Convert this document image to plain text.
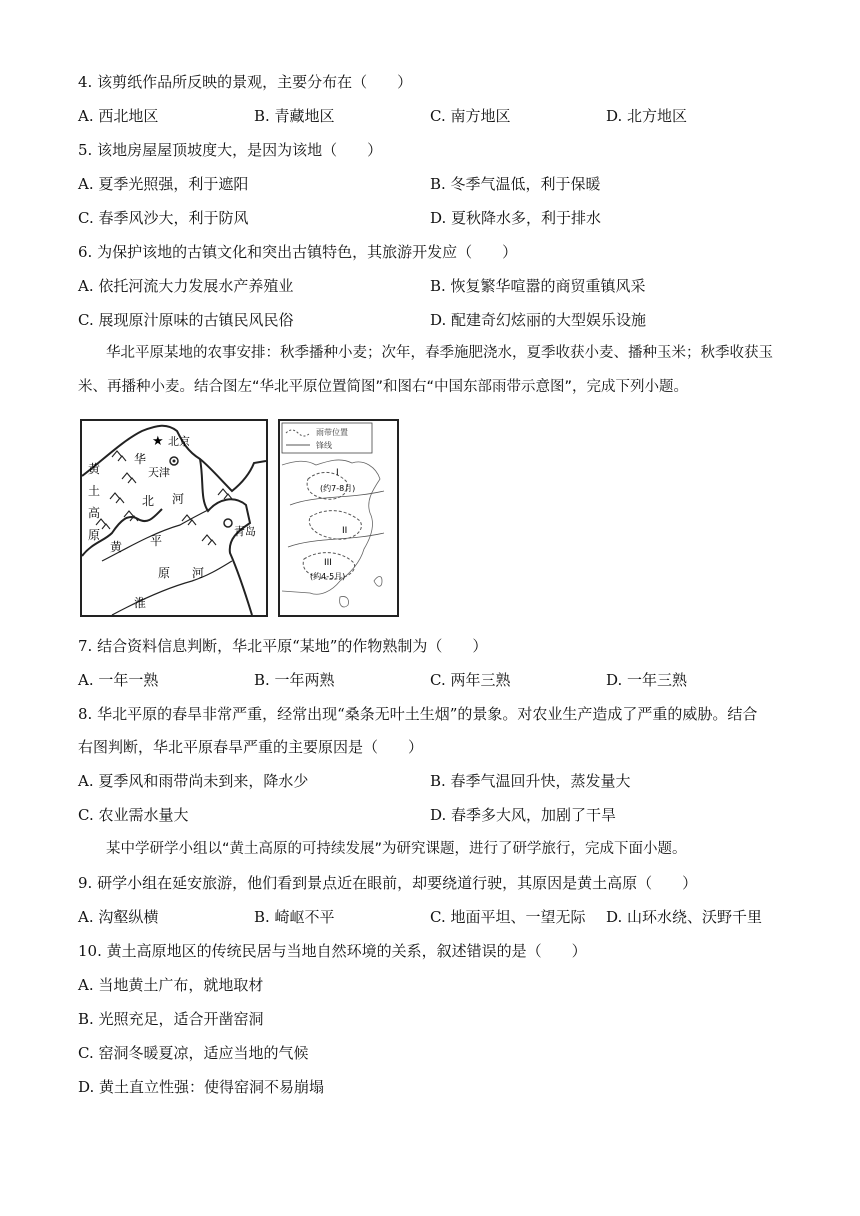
4. 该剪纸作品所反映的景观，主要分布在（　　）
A. 西北地区	B. 青藏地区	C. 南方地区	D. 北方地区
5. 该地房屋屋顶坡度大，是因为该地（　　）
A. 夏季光照强，利于遮阳	B. 冬季气温低，利于保暖
C. 春季风沙大，利于防风	D. 夏秋降水多，利于排水
6. 为保护该地的古镇文化和突出古镇特色，其旅游开发应（　　）
A. 依托河流大力发展水产养殖业	B. 恢复繁华喧嚣的商贸重镇风采
C. 展现原汁原味的古镇民风民俗	D. 配建奇幻炫丽的大型娱乐设施
华北平原某地的农事安排：秋季播种小麦；次年，春季施肥浇水，夏季收获小麦、播种玉米；秋季收获玉米、再播种小麦。结合图左“华北平原位置简图”和图右“中国东部雨带示意图”，完成下列小题。
★ 北京
天津
青岛
黄
土
高
原
华
北
平
原
河
黄
河
淮
雨带位置
锋线
I
(约7-8月)
II
III
(约4-5月)
7. 结合资料信息判断，华北平原“某地”的作物熟制为（　　）
A. 一年一熟	B. 一年两熟	C. 两年三熟	D. 一年三熟
8. 华北平原的春旱非常严重，经常出现“桑条无叶土生烟”的景象。对农业生产造成了严重的威胁。结合
右图判断，华北平原春旱严重的主要原因是（　　）
A. 夏季风和雨带尚未到来，降水少	B. 春季气温回升快，蒸发量大
C. 农业需水量大	D. 春季多大风，加剧了干旱
某中学研学小组以“黄土高原的可持续发展”为研究课题，进行了研学旅行，完成下面小题。
9. 研学小组在延安旅游，他们看到景点近在眼前，却要绕道行驶，其原因是黄土高原（　　）
A. 沟壑纵横	B. 崎岖不平	C. 地面平坦、一望无际 D. 山环水绕、沃野千里
10. 黄土高原地区的传统民居与当地自然环境的关系，叙述错误的是（　　）
A. 当地黄土广布，就地取材
B. 光照充足，适合开凿窑洞
C. 窑洞冬暖夏凉，适应当地的气候
D. 黄土直立性强：使得窑洞不易崩塌
